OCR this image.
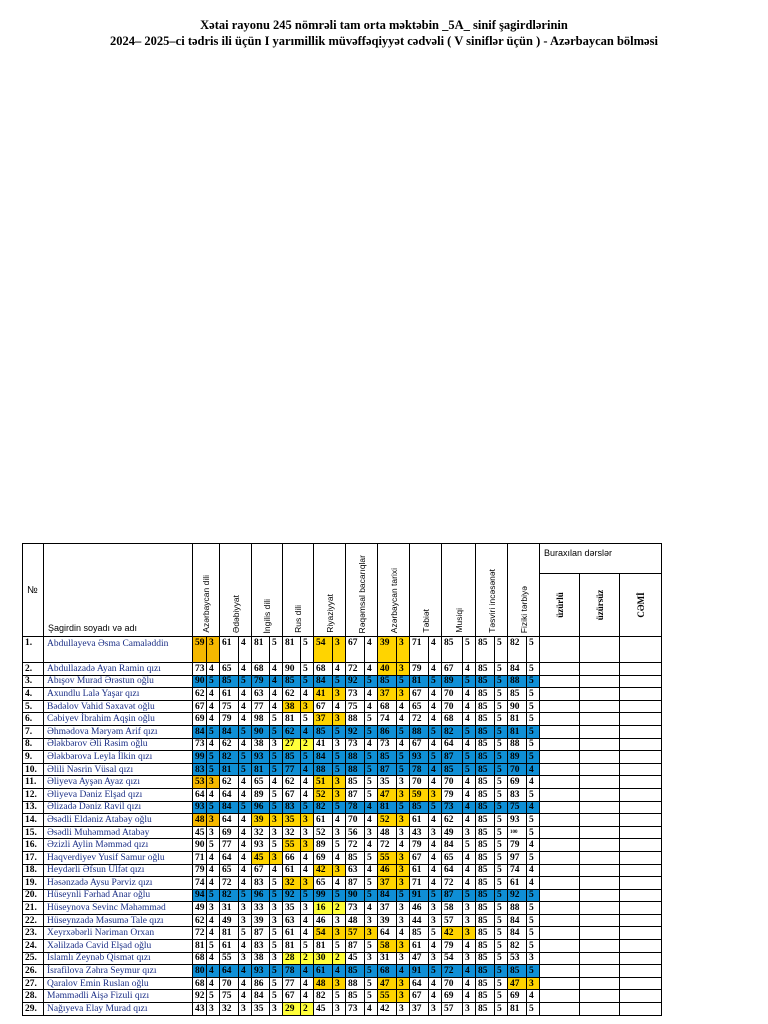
Xətai rayonu 245 nömrəli tam orta məktəbin _5A_ sinif şagirdlərinin
2024– 2025–ci tədris ili üçün I yarımillik müvəffəqiyyət cədvəli ( V siniflər üçün ) - Azərbaycan bölməsi
№	Şagirdin soyadı və adı	Azərbaycan dili		Ədəbiyyat		İngilis dili		Rus dili		Riyaziyyat		Rəqəmsal bacarıqlar		Azərbaycan tarixi		Təbiət		Musiqi		Təsviri incəsənət		Fiziki tərbiyə		Buraxılan dərslər		

																								üzürlü	üzürsüz	CƏMİ

1.	Abdullayeva Əsma Camaləddin	59	3	61	4	81	5	81	5	54	3	67	4	39	3	71	4	85	5	85	5	82	5			
2.	Abdullazadə Ayan Ramin qızı	73	4	65	4	68	4	90	5	68	4	72	4	40	3	79	4	67	4	85	5	84	5			
3.	Abışov Murad Ərəstun oğlu	90	5	85	5	79	4	85	5	84	5	92	5	85	5	81	5	89	5	85	5	88	5			
4.	Axundlu Lalə Yaşar qızı	62	4	61	4	63	4	62	4	41	3	73	4	37	3	67	4	70	4	85	5	85	5			
5.	Bədəlov Vahid Səxavət oğlu	67	4	75	4	77	4	38	3	67	4	75	4	68	4	65	4	70	4	85	5	90	5			
6.	Cəbiyev İbrahim Aqşin oğlu	69	4	79	4	98	5	81	5	37	3	88	5	74	4	72	4	68	4	85	5	81	5			
7.	Əhmədova Məryəm Arif qızı	84	5	84	5	90	5	62	4	85	5	92	5	86	5	88	5	82	5	85	5	81	5			
8.	Ələkbərov Əli Rəsim oğlu	73	4	62	4	38	3	27	2	41	3	73	4	73	4	67	4	64	4	85	5	88	5			
9.	Ələkbərova Leyla İlkin qızı	99	5	82	5	93	5	85	5	84	5	88	5	85	5	93	5	87	5	85	5	89	5			
10.	Əlili Nəsrin Vüsal qızı	83	5	81	5	81	5	77	4	88	5	88	5	87	5	78	4	85	5	85	5	70	4			
11.	Əliyeva Ayşən Ayaz qızı	53	3	62	4	65	4	62	4	51	3	85	5	35	3	70	4	70	4	85	5	69	4			
12.	Əliyeva Dəniz Elşad qızı	64	4	64	4	89	5	67	4	52	3	87	5	47	3	59	3	79	4	85	5	83	5			
13.	Əlizadə Dəniz Ravil qızı	93	5	84	5	96	5	83	5	82	5	78	4	81	5	85	5	73	4	85	5	75	4			
14.	Əsədli Eldəniz Atabəy oğlu	48	3	64	4	39	3	35	3	61	4	70	4	52	3	61	4	62	4	85	5	93	5			
15.	Əsədli Muhəmməd Atabəy	45	3	69	4	32	3	32	3	52	3	56	3	48	3	43	3	49	3	85	5	100	5			
16.	Əzizli Aylin Məmməd qızı	90	5	77	4	93	5	55	3	89	5	72	4	72	4	79	4	84	5	85	5	79	4			
17.	Haqverdiyev Yusif Samur oğlu	71	4	64	4	45	3	66	4	69	4	85	5	55	3	67	4	65	4	85	5	97	5			
18.	Heydərli Əfsun Ülfət qızı	79	4	65	4	67	4	61	4	42	3	63	4	46	3	61	4	64	4	85	5	74	4			
19.	Həsənzadə Aysu Pərviz qızı	74	4	72	4	83	5	32	3	65	4	87	5	37	3	71	4	72	4	85	5	61	4			
20.	Hüseynli Fərhad Anar oğlu	94	5	82	5	96	5	92	5	99	5	90	5	84	5	91	5	87	5	85	5	92	5			
21.	Hüseynova Sevinc Məhəmməd	49	3	31	3	33	3	35	3	16	2	73	4	37	3	46	3	58	3	85	5	88	5			
22.	Hüseynzadə Məsumə Tale qızı	62	4	49	3	39	3	63	4	46	3	48	3	39	3	44	3	57	3	85	5	84	5			
23.	Xeyrxəbərli Nəriman Orxan	72	4	81	5	87	5	61	4	54	3	57	3	64	4	85	5	42	3	85	5	84	5			
24.	Xəlilzadə Cavid Elşad oğlu	81	5	61	4	83	5	81	5	81	5	87	5	58	3	61	4	79	4	85	5	82	5			
25.	İslamlı Zeynəb Qismət qızı	68	4	55	3	38	3	28	2	30	2	45	3	31	3	47	3	54	3	85	5	53	3			
26.	İsrafilova Zəhra Seymur qızı	80	4	64	4	93	5	78	4	61	4	85	5	68	4	91	5	72	4	85	5	85	5			
27.	Qaralov Emin Ruslan oğlu	68	4	70	4	86	5	77	4	48	3	88	5	47	3	64	4	70	4	85	5	47	3			
28.	Məmmədli Aişə Fizuli qızı	92	5	75	4	84	5	67	4	82	5	85	5	55	3	67	4	69	4	85	5	69	4			
29.	Nağıyeva Elay Murad qızı	43	3	32	3	35	3	29	2	45	3	73	4	42	3	37	3	57	3	85	5	81	5			
